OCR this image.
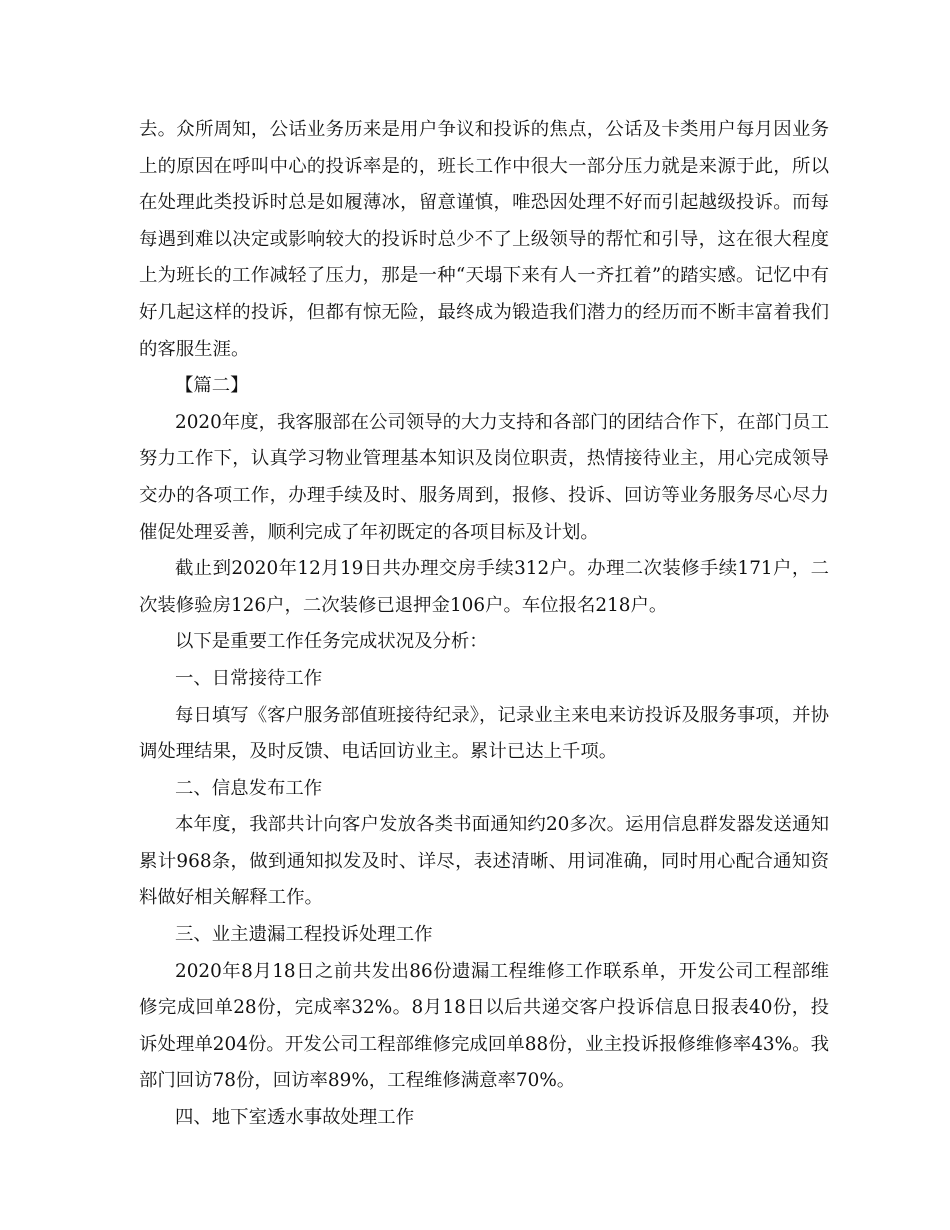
去。众所周知，公话业务历来是用户争议和投诉的焦点，公话及卡类用户每月因业务上的原因在呼叫中心的投诉率是的，班长工作中很大一部分压力就是来源于此，所以在处理此类投诉时总是如履薄冰，留意谨慎，唯恐因处理不好而引起越级投诉。而每每遇到难以决定或影响较大的投诉时总少不了上级领导的帮忙和引导，这在很大程度上为班长的工作减轻了压力，那是一种“天塌下来有人一齐扛着”的踏实感。记忆中有好几起这样的投诉，但都有惊无险，最终成为锻造我们潜力的经历而不断丰富着我们的客服生涯。

【篇二】

2020年度，我客服部在公司领导的大力支持和各部门的团结合作下，在部门员工努力工作下，认真学习物业管理基本知识及岗位职责，热情接待业主，用心完成领导交办的各项工作，办理手续及时、服务周到，报修、投诉、回访等业务服务尽心尽力催促处理妥善，顺利完成了年初既定的各项目标及计划。

截止到2020年12月19日共办理交房手续312户。办理二次装修手续171户，二次装修验房126户，二次装修已退押金106户。车位报名218户。

以下是重要工作任务完成状况及分析：

一、日常接待工作

每日填写《客户服务部值班接待纪录》，记录业主来电来访投诉及服务事项，并协调处理结果，及时反馈、电话回访业主。累计已达上千项。

二、信息发布工作

本年度，我部共计向客户发放各类书面通知约20多次。运用信息群发器发送通知累计968条，做到通知拟发及时、详尽，表述清晰、用词准确，同时用心配合通知资料做好相关解释工作。

三、业主遗漏工程投诉处理工作

2020年8月18日之前共发出86份遗漏工程维修工作联系单，开发公司工程部维修完成回单28份，完成率32%。8月18日以后共递交客户投诉信息日报表40份，投诉处理单204份。开发公司工程部维修完成回单88份，业主投诉报修维修率43%。我部门回访78份，回访率89%，工程维修满意率70%。

四、地下室透水事故处理工作
